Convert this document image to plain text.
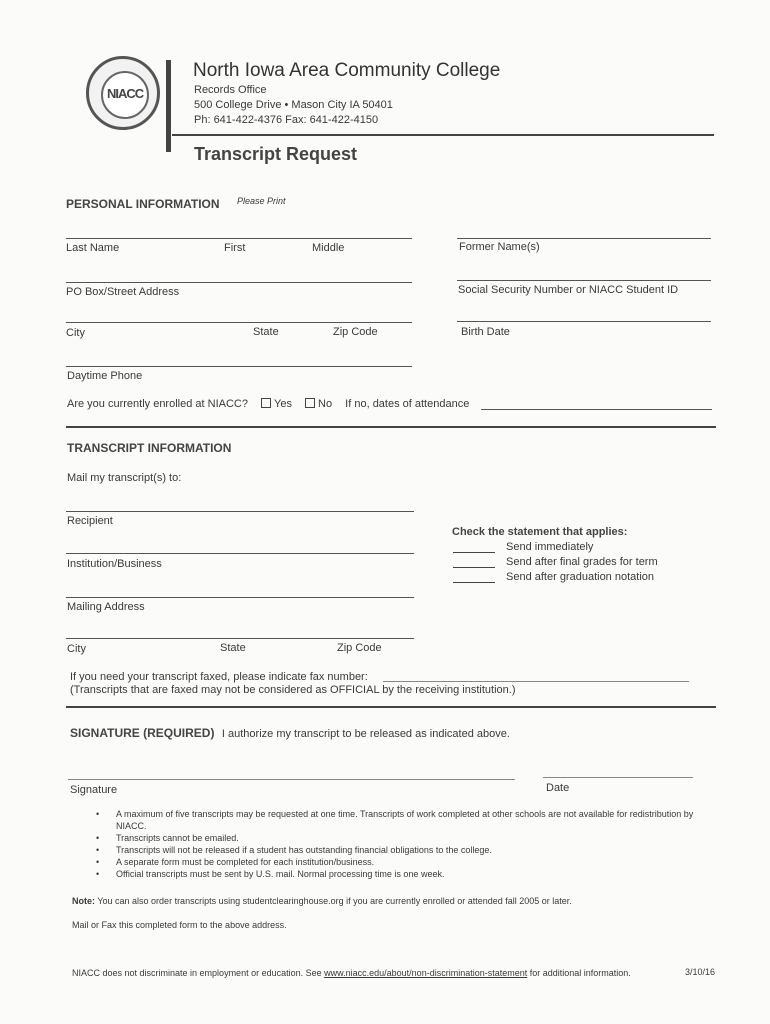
NIACC
North Iowa Area Community College
Records Office
500 College Drive • Mason City IA 50401
Ph: 641-422-4376 Fax: 641-422-4150
Transcript Request
PERSONAL INFORMATION Please Print
Last Name	First	Middle	Former Name(s)
PO Box/Street Address	Social Security Number or NIACC Student ID
City	State	Zip Code	Birth Date
Daytime Phone
Are you currently enrolled at NIACC? Yes No If no, dates of attendance
TRANSCRIPT INFORMATION
Mail my transcript(s) to:
Recipient
Institution/Business
Mailing Address
City	State	Zip Code
Check the statement that applies:
Send immediately
Send after final grades for term
Send after graduation notation
If you need your transcript faxed, please indicate fax number:
(Transcripts that are faxed may not be considered as OFFICIAL by the receiving institution.)
SIGNATURE (REQUIRED) I authorize my transcript to be released as indicated above.
Signature	Date
• A maximum of five transcripts may be requested at one time. Transcripts of work completed at other schools are not available for redistribution by NIACC.
• Transcripts cannot be emailed.
• Transcripts will not be released if a student has outstanding financial obligations to the college.
• A separate form must be completed for each institution/business.
• Official transcripts must be sent by U.S. mail. Normal processing time is one week.
Note: You can also order transcripts using studentclearinghouse.org if you are currently enrolled or attended fall 2005 or later.
Mail or Fax this completed form to the above address.
NIACC does not discriminate in employment or education. See www.niacc.edu/about/non-discrimination-statement for additional information.	3/10/16
